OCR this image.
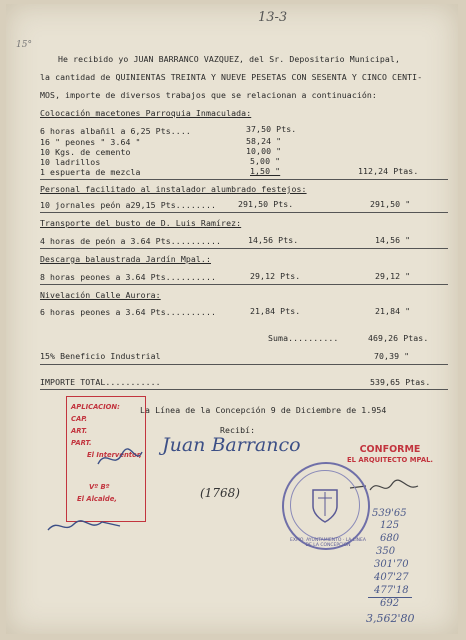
13-3
15°
He recibido yo JUAN BARRANCO VAZQUEZ, del Sr. Depositario Municipal,
la cantidad de QUINIENTAS TREINTA Y NUEVE PESETAS CON SESENTA Y CINCO CENTI-
MOS, importe de diversos trabajos que se relacionan a continuación:
Colocación macetones Parroquia Inmaculada:
6 horas albañil a 6,25 Pts....	37,50 Pts.
16 " peones " 3.64 "	58,24 "
10 Kgs. de cemento	10,00 "
10 ladrillos	5,00 "
1 espuerta de mezcla	1,50 "	112,24 Ptas.
Personal facilitado al instalador alumbrado festejos:
10 jornales peón a29,15 Pts........	291,50 Pts.	291,50 "
Transporte del busto de D. Luis Ramírez:
4 horas de peón a 3.64 Pts..........	14,56 Pts.	14,56 "
Descarga balaustrada Jardín Mpal.:
8 horas peones a 3.64 Pts..........	29,12 Pts.	29,12 "
Nivelación Calle Aurora:
6 horas peones a 3.64 Pts..........	21,84 Pts.	21,84 "
Suma..........	469,26 Ptas.
15% Beneficio Industrial	70,39 "
IMPORTE TOTAL...........	539,65 Ptas.
La Línea de la Concepción 9 de Diciembre de 1.954
Recibí:
APLICACION:
CAP.
ART.
PART.
El Interventor,
Vº Bº
El Alcalde,
Juan Barranco
(1768)
CONFORME
EL ARQUITECTO MPAL.
EXMO. AYUNTAMIENTO · LA LINEA DE LA CONCEPCION
539'65
125
680
350
301'70
407'27
477'18
692
3,562'80
